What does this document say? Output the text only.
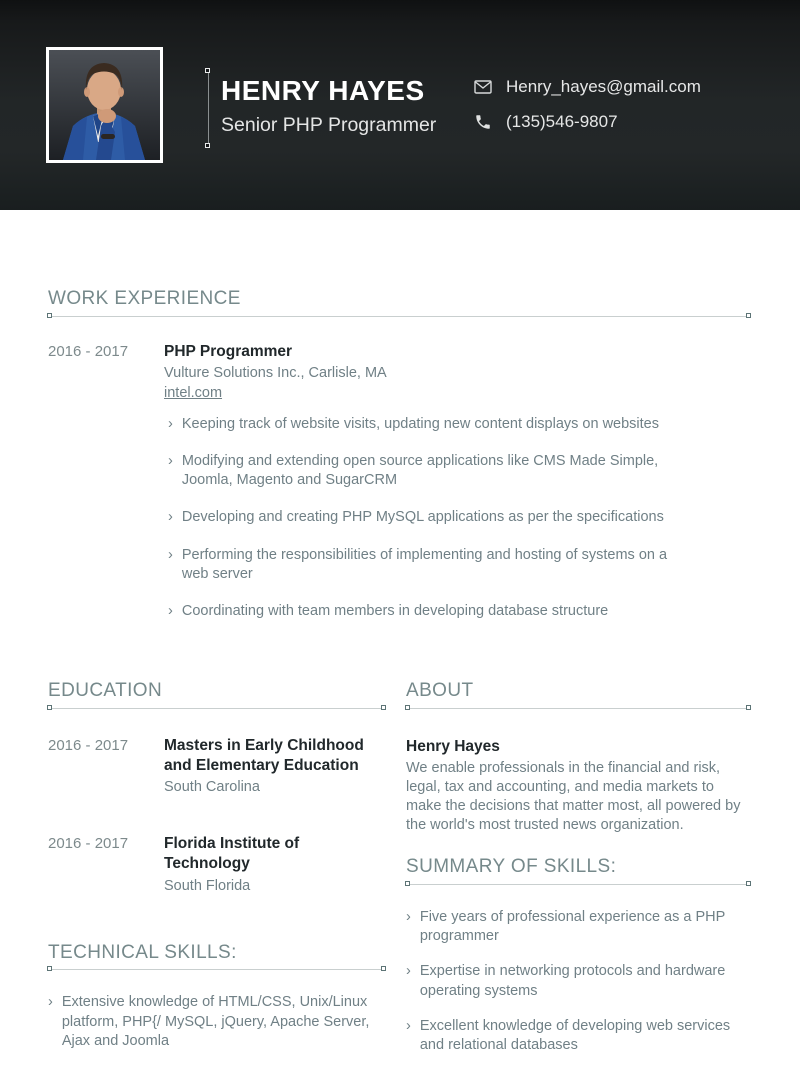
HENRY HAYES
Senior PHP Programmer
Henry_hayes@gmail.com
(135)546-9807
WORK EXPERIENCE
2016 - 2017	PHP Programmer
Vulture Solutions Inc., Carlisle, MA
intel.com
› Keeping track of website visits, updating new content displays on websites
› Modifying and extending open source applications like CMS Made Simple, Joomla, Magento and SugarCRM
› Developing and creating PHP MySQL applications as per the specifications
› Performing the responsibilities of implementing and hosting of systems on a web server
› Coordinating with team members in developing database structure
EDUCATION
2016 - 2017	Masters in Early Childhood and Elementary Education
South Carolina
2016 - 2017	Florida Institute of Technology
South Florida
TECHNICAL SKILLS:
› Extensive knowledge of HTML/CSS, Unix/Linux platform, PHP{/ MySQL, jQuery, Apache Server, Ajax and Joomla
ABOUT
Henry Hayes

We enable professionals in the financial and risk, legal, tax and accounting, and media markets to make the decisions that matter most, all powered by the world's most trusted news organization.

SUMMARY OF SKILLS:
› Five years of professional experience as a PHP programmer
› Expertise in networking protocols and hardware operating systems
› Excellent knowledge of developing web services and relational databases
